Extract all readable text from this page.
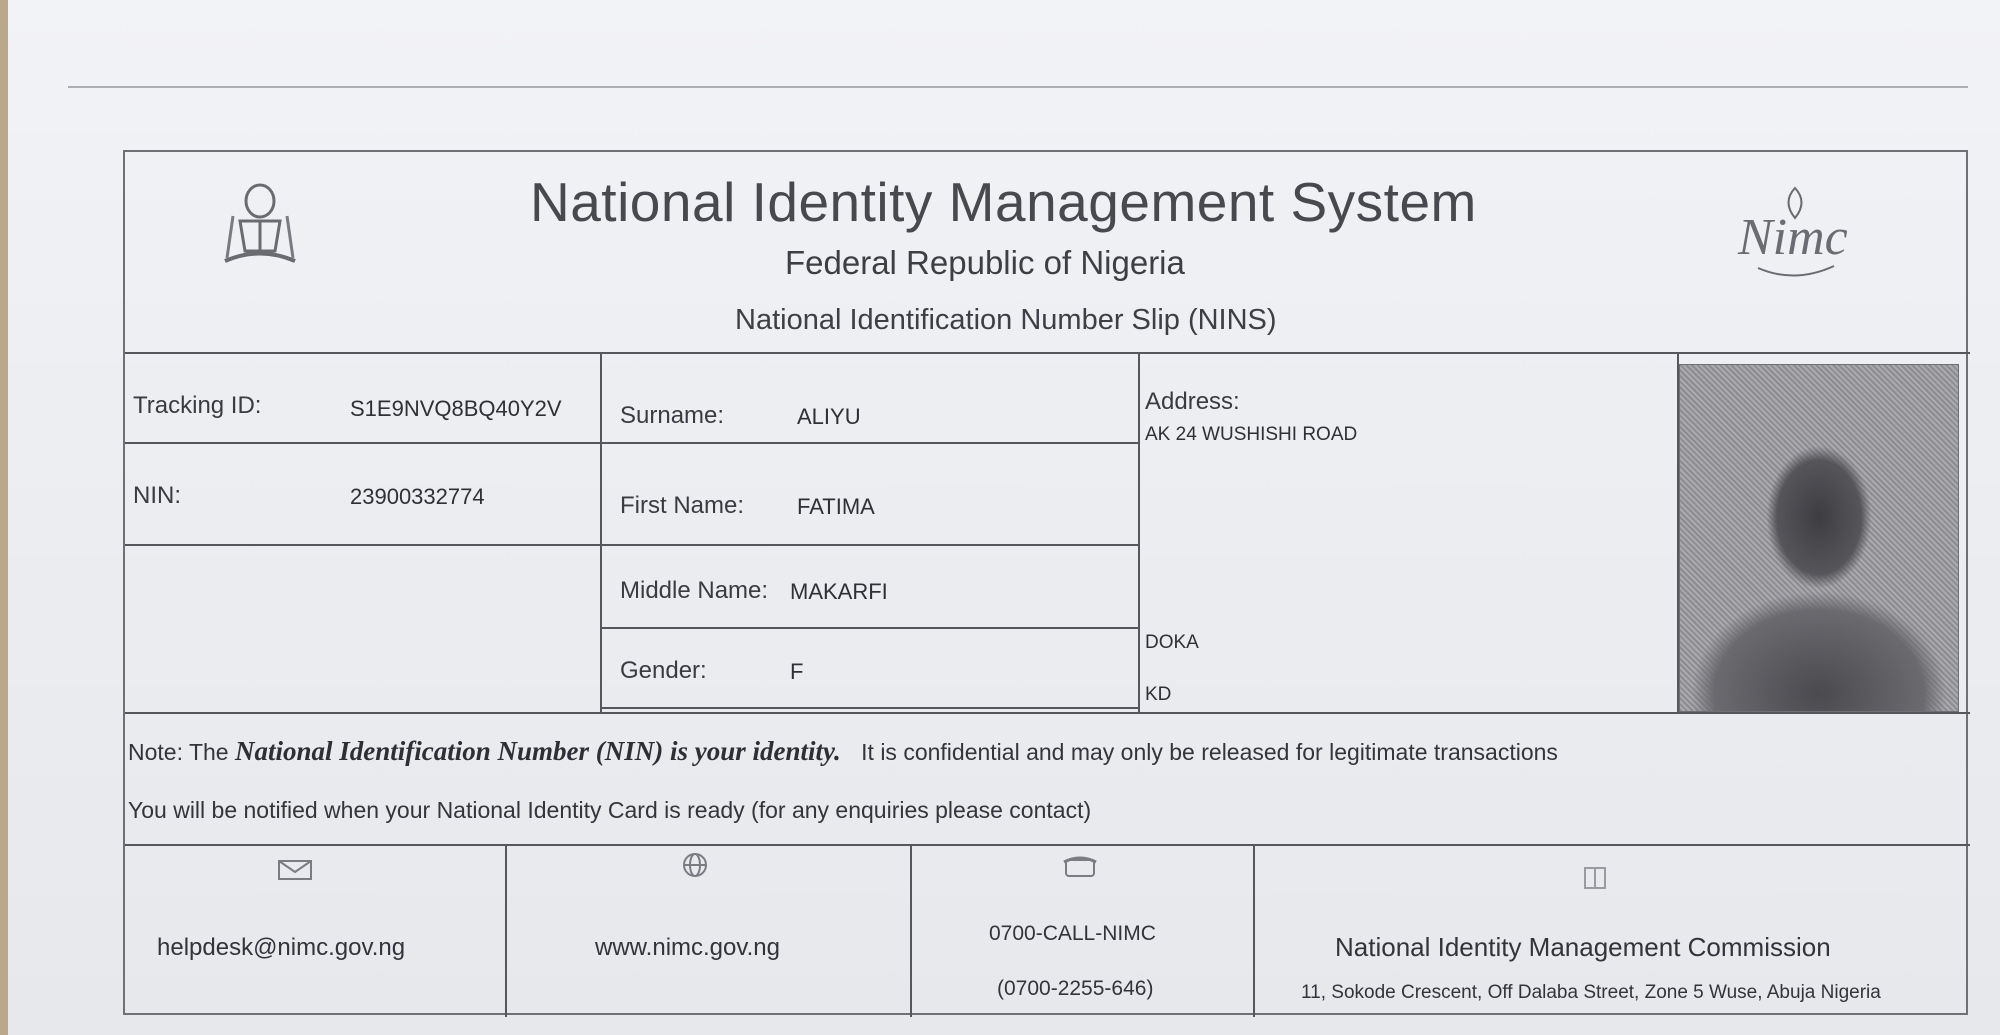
National Identity Management System
Federal Republic of Nigeria
National Identification Number Slip (NINS)
Nimc
Tracking ID:	S1E9NVQ8BQ40Y2V
NIN:	23900332774
Surname:	ALIYU
First Name: FATIMA
Middle Name: MAKARFI
Gender:	F
Address:
AK 24 WUSHISHI ROAD
DOKA
KD
Note: The National Identification Number (NIN) is your identity. It is confidential and may only be released for legitimate transactions
You will be notified when your National Identity Card is ready (for any enquiries please contact)
helpdesk@nimc.gov.ng	www.nimc.gov.ng
0700-CALL-NIMC
(0700-2255-646)
National Identity Management Commission
11, Sokode Crescent, Off Dalaba Street, Zone 5 Wuse, Abuja Nigeria
